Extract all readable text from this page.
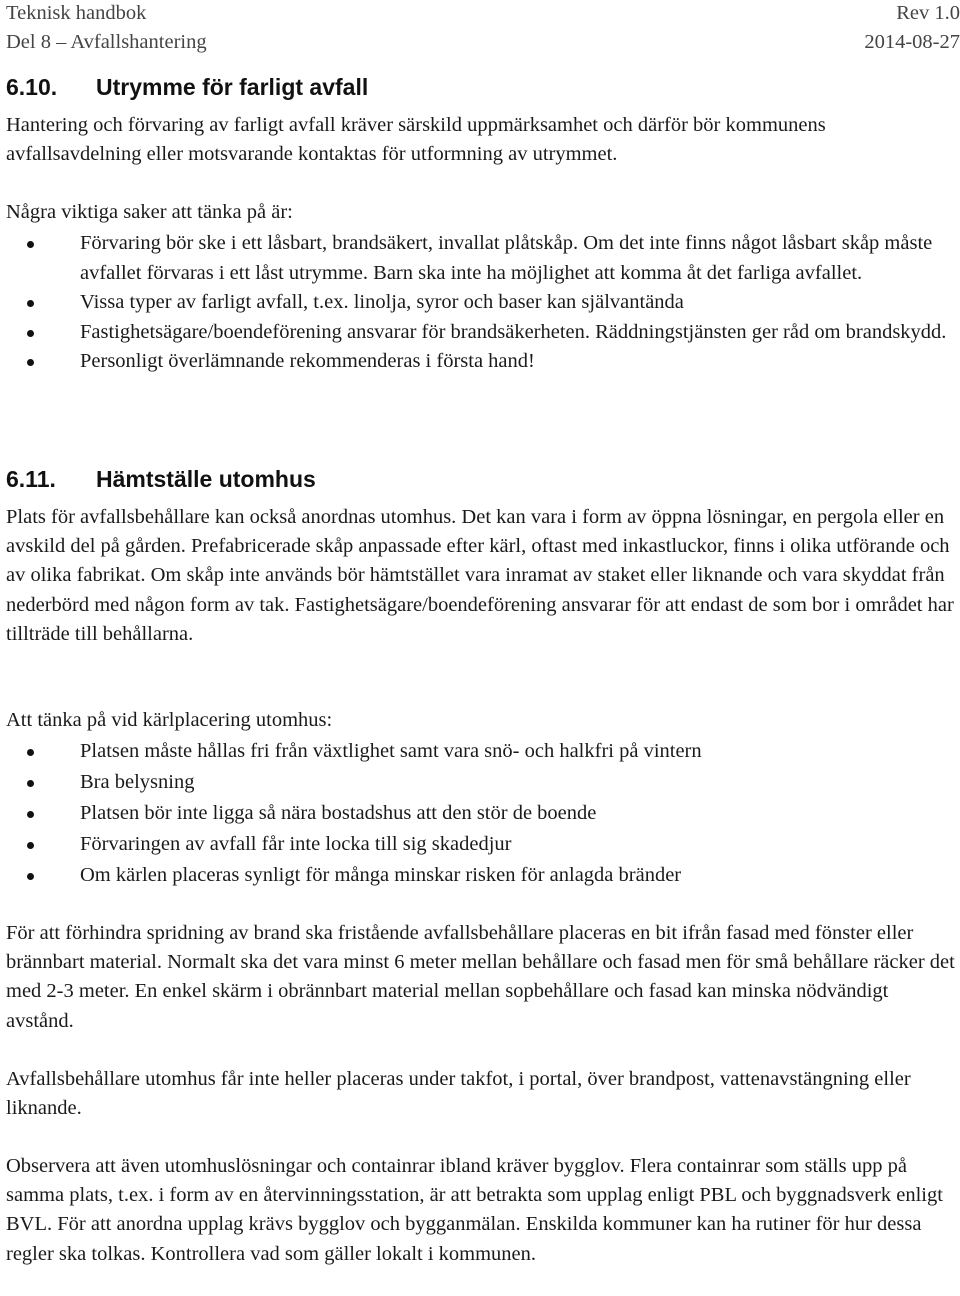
Teknisk handbok	Rev 1.0
Del 8 – Avfallshantering	2014-08-27
6.10. Utrymme för farligt avfall

Hantering och förvaring av farligt avfall kräver särskild uppmärksamhet och därför bör kommunens avfallsavdelning eller motsvarande kontaktas för utformning av utrymmet.

Några viktiga saker att tänka på är:

Förvaring bör ske i ett låsbart, brandsäkert, invallat plåtskåp. Om det inte finns något låsbart skåp måste avfallet förvaras i ett låst utrymme. Barn ska inte ha möjlighet att komma åt det farliga avfallet.
Vissa typer av farligt avfall, t.ex. linolja, syror och baser kan självantända
Fastighetsägare/boendeförening ansvarar för brandsäkerheten. Räddningstjänsten ger råd om brandskydd.
Personligt överlämnande rekommenderas i första hand!
6.11. Hämtställe utomhus

Plats för avfallsbehållare kan också anordnas utomhus. Det kan vara i form av öppna lösningar, en pergola eller en avskild del på gården. Prefabricerade skåp anpassade efter kärl, oftast med inkastluckor, finns i olika utförande och av olika fabrikat. Om skåp inte används bör hämtstället vara inramat av staket eller liknande och vara skyddat från nederbörd med någon form av tak. Fastighetsägare/boendeförening ansvarar för att endast de som bor i området har tillträde till behållarna.

Att tänka på vid kärlplacering utomhus:

Platsen måste hållas fri från växtlighet samt vara snö- och halkfri på vintern
Bra belysning
Platsen bör inte ligga så nära bostadshus att den stör de boende
Förvaringen av avfall får inte locka till sig skadedjur
Om kärlen placeras synligt för många minskar risken för anlagda bränder

För att förhindra spridning av brand ska fristående avfallsbehållare placeras en bit ifrån fasad med fönster eller brännbart material. Normalt ska det vara minst 6 meter mellan behållare och fasad men för små behållare räcker det med 2-3 meter. En enkel skärm i obrännbart material mellan sopbehållare och fasad kan minska nödvändigt avstånd.

Avfallsbehållare utomhus får inte heller placeras under takfot, i portal, över brandpost, vattenavstängning eller liknande.

Observera att även utomhuslösningar och containrar ibland kräver bygglov. Flera containrar som ställs upp på samma plats, t.ex. i form av en återvinningsstation, är att betrakta som upplag enligt PBL och byggnadsverk enligt BVL. För att anordna upplag krävs bygglov och bygganmälan. Enskilda kommuner kan ha rutiner för hur dessa regler ska tolkas. Kontrollera vad som gäller lokalt i kommunen.
